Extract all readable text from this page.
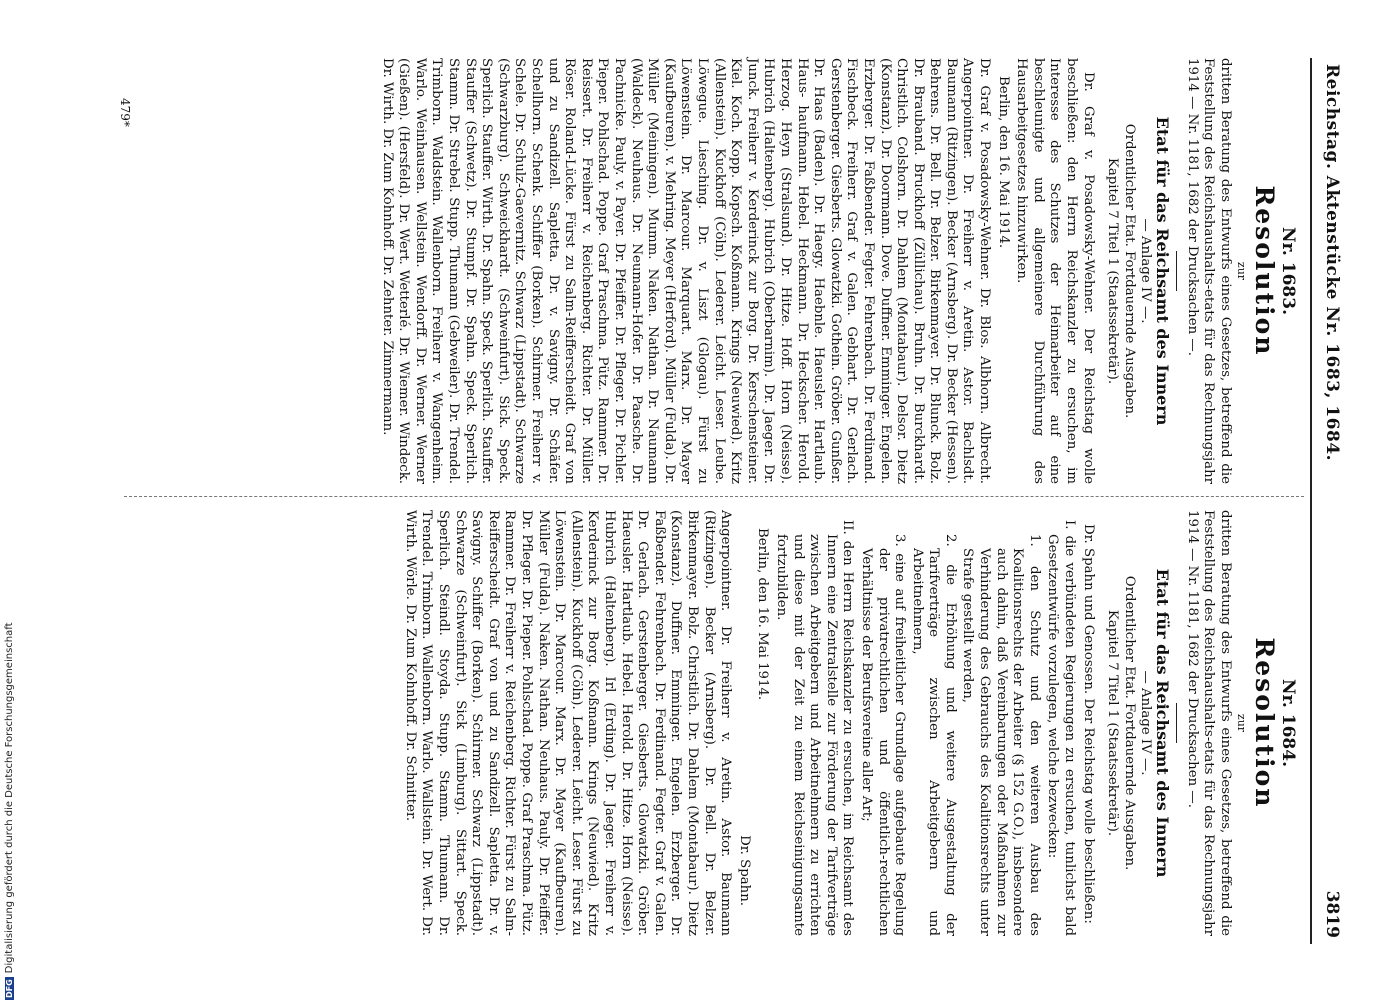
Reichstag. Aktenstücke Nr. 1683, 1684.
3819
Nr. 1683.
Resolution
zur

dritten Beratung des Entwurfs eines Gesetzes, betreffend die Feststellung des Reichshaushalts-etats für das Rechnungsjahr 1914 — Nr. 1181, 1682 der Drucksachen —.

Etat für das Reichsamt des Innern
— Anlage IV —.
Ordentlicher Etat. Fortdauernde Ausgaben.
Kapitel 7 Titel 1 (Staatssekretär).

Dr. Graf v. Posadowsky-Wehner. Der Reichstag wolle beschließen: den Herrn Reichskanzler zu ersuchen, im Interesse des Schutzes der Heimarbeiter auf eine beschleunigte und allgemeinere Durchführung des Hausarbeitgesetzes hinzuwirken.

Berlin, den 16. Mai 1914.

Dr. Graf v. Posadowsky-Wehner. Dr. Blos. Albhorn. Albrecht. Angerpointner. Dr. Freiherr v. Aretin. Astor. Bachlsdt. Baumann (Ritzingen). Becker (Arnsberg). Dr. Becker (Hessen). Behrens. Dr. Bell. Dr. Belzer. Birkenmayer. Dr. Blunck. Bolz. Dr. Brauband. Bruckhoff (Züllichau). Bruhn. Dr. Burckhardt. Christlich. Colshorn. Dr. Dahlem (Montabaur). Delsor. Dietz (Konstanz). Dr. Doormann. Dove. Duffner. Emminger. Engelen. Erzberger. Dr. Faßbender. Fegter. Fehrenbach. Dr. Ferdinand. Fischbeck. Freiherr. Graf v. Galen. Gebhart. Dr. Gerlach. Gerstenberger. Giesberts. Glowatzki. Gothein. Gröber. Gunßer. Dr. Haas (Baden). Dr. Haegy. Haebnle. Haeusler. Hartlaub. Haus- haufmann. Hebel. Heckmann. Dr. Heckscher. Herold. Herzog. Heyn (Stralsund). Dr. Hitze. Hoff. Horn (Neisse). Hubrich (Haltenberg). Hubrich (Oberbarnim). Dr. Jaeger. Dr. Junck. Freiherr v. Kerderinck zur Borg. Dr. Kerschensteiner. Kiel. Koch. Kopp. Kopsch. Koßmann. Krings (Neuwied). Kritz (Allenstein). Kuckhoff (Cöln). Lederer. Leicht. Leser. Leube. Löwegue. Liesching. Dr. v. Liszt (Glogau). Fürst zu Löwenstein. Dr. Marcour. Marquart. Marx. Dr. Mayer (Kaufbeuren). v. Mehring. Meyer (Herford). Müller (Fulda). Dr. Müller (Meiningen). Mumm. Naken. Nathan. Dr. Naumann (Waldeck). Neuhaus. Dr. Neumann-Hofer. Dr. Paasche. Dr. Pachnicke. Pauly. v. Payer. Dr. Pfeiffer. Dr. Pfleger. Dr. Pichler. Pieper. Pohlschad. Poppe. Graf Praschma. Pütz. Rammer. Dr. Reissert. Dr. Freiherr v. Reichenberg. Richter. Dr. Müller. Röser. Roland-Lücke. Fürst zu Salm-Reifferscheidt. Graf von und zu Sandizell. Sapletta. Dr. v. Savigny. Dr. Schäfer. Schellhorn. Schenk. Schiffer (Borken). Schirmer. Freiherr v. Schele. Dr. Schulz-Gaevernitz. Schwarz (Lippstadt). Schwarze (Schwarzburg). Schweickhardt. (Schweinfurt). Sick. Speck. Sperlich. Stauffer. Wirth. Dr. Spahn. Speck. Sperlich. Stauffer. Stauffer (Schwetz). Dr. Stumpf. Dr. Spahn. Speck. Sperlich. Stamm. Dr. Strebel. Stupp. Thumann (Gebweiler). Dr. Trendel. Trimborn. Waldstein. Wallenborn. Freiherr v. Wangenheim. Warlo. Weinhausen. Wellstein. Wendorff. Dr. Werner. Werner (Gießen). (Hersfeld). Dr. Wert. Wetterlé. Dr. Wiemer. Windeck. Dr. Wirth. Dr. Zum Kohnhoff. Dr. Zehnter. Zimmermann.

Nr. 1684.
Resolution
zur

dritten Beratung des Entwurfs eines Gesetzes, betreffend die Feststellung des Reichshaushalts-etats für das Rechnungsjahr 1914 — Nr. 1181, 1682 der Drucksachen —.

Etat für das Reichsamt des Innern
— Anlage IV —.
Ordentlicher Etat. Fortdauernde Ausgaben.
Kapitel 7 Titel 1 (Staatssekretär).

Dr. Spahn und Genossen. Der Reichstag wolle beschließen:

I. die verbündeten Regierungen zu ersuchen, tunlichst bald Gesetzentwürfe vorzulegen, welche bezwecken:
1. den Schutz und den weiteren Ausbau des Koalitionsrechts der Arbeiter (§ 152 G.O.), insbesondere auch dahin, daß Vereinbarungen oder Maßnahmen zur Verhinderung des Gebrauchs des Koalitionsrechts unter Strafe gestellt werden,
2. die Erhöhung und weitere Ausgestaltung der Tarifverträge zwischen Arbeitgebern und Arbeitnehmern,
3. eine auf freiheitlicher Grundlage aufgebaute Regelung der privatrechtlichen und öffentlich-rechtlichen Verhältnisse der Berufsvereine aller Art;
II. den Herrn Reichskanzler zu ersuchen, im Reichsamt des Innern eine Zentralstelle zur Förderung der Tarifverträge zwischen Arbeitgebern und Arbeitnehmern zu errichten und diese mit der Zeit zu einem Reichseinigungsamte fortzubilden.

Berlin, den 16. Mai 1914.

Dr. Spahn.

Angerpointner. Dr. Freiherr v. Aretin. Astor. Baumann (Ritzingen). Becker (Arnsberg). Dr. Bell. Dr. Belzer. Birkenmayer. Bolz. Christlich. Dr. Dahlem (Montabaur). Dietz (Konstanz). Duffner. Emminger. Engelen. Erzberger. Dr. Faßbender. Fehrenbach. Dr. Ferdinand. Fegter. Graf v. Galen. Dr. Gerlach. Gerstenberger. Giesberts. Glowatzki. Gröber. Haeusler. Hartlaub. Hebel. Herold. Dr. Hitze. Horn (Neisse). Hubrich (Haltenberg). Irl (Erding). Dr. Jaeger. Freiherr v. Kerderinck zur Borg. Koßmann. Krings (Neuwied). Kritz (Allenstein). Kuckhoff (Cöln). Lederer. Leicht. Leser. Fürst zu Löwenstein. Dr. Marcour. Marx. Dr. Mayer (Kaufbeuren). Müller (Fulda). Naken. Nathan. Neuhaus. Pauly. Dr. Pfeiffer. Dr. Pfleger. Dr. Pieper. Pohlschad. Poppe. Graf Praschma. Pütz. Rammer. Dr. Freiherr v. Reichenberg. Richter. Fürst zu Salm-Reifferscheidt. Graf von und zu Sandizell. Sapletta. Dr. v. Savigny. Schiffer (Borken). Schirmer. Schwarz (Lippstadt). Schwarze (Schweinfurt). Sick (Limburg). Sittart. Speck. Sperlich. Steindl. Stoyda. Stupp. Stamm. Thumann. Dr. Trendel. Trimborn. Wallenborn. Warlo. Wallstein. Dr. Wert. Dr. Wirth. Wörle. Dr. Zum Kohnhoff. Dr. Schnitter.

479*
DFGDigitalisierung gefördert durch die Deutsche Forschungsgemeinschaft
